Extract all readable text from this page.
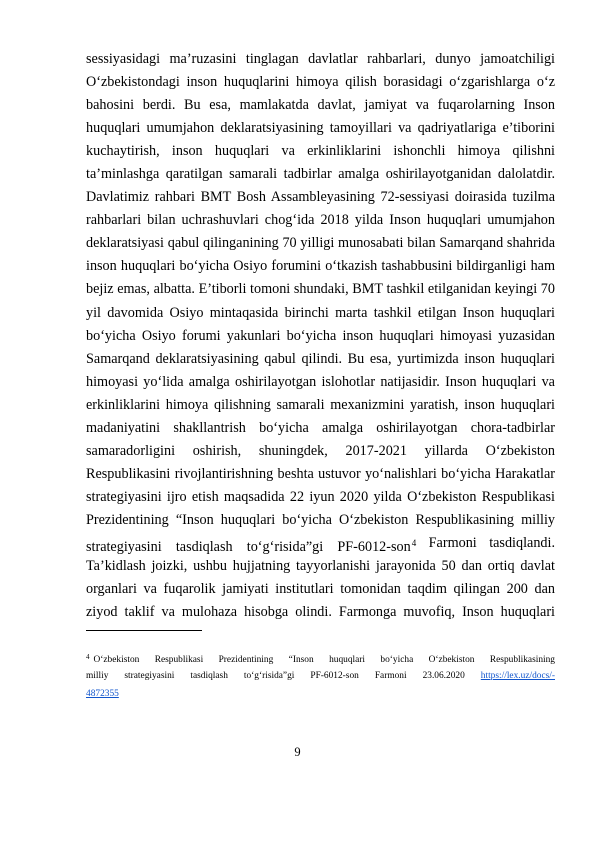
sessiyasidagi ma’ruzasini tinglagan davlatlar rahbarlari, dunyo jamoatchiligi
O‘zbekistondagi inson huquqlarini himoya qilish borasidagi o‘zgarishlarga o‘z
bahosini berdi. Bu esa, mamlakatda davlat, jamiyat va fuqarolarning Inson
huquqlari umumjahon deklaratsiyasining tamoyillari va qadriyatlariga e’tiborini
kuchaytirish, inson huquqlari va erkinliklarini ishonchli himoya qilishni
ta’minlashga qaratilgan samarali tadbirlar amalga oshirilayotganidan dalolatdir.
Davlatimiz rahbari BMT Bosh Assambleyasining 72-sessiyasi doirasida tuzilma
rahbarlari bilan uchrashuvlari chog‘ida 2018 yilda Inson huquqlari umumjahon
deklaratsiyasi qabul qilinganining 70 yilligi munosabati bilan Samarqand shahrida
inson huquqlari bo‘yicha Osiyo forumini o‘tkazish tashabbusini bildirganligi ham
bejiz emas, albatta. E’tiborli tomoni shundaki, BMT tashkil etilganidan keyingi 70
yil davomida Osiyo mintaqasida birinchi marta tashkil etilgan Inson huquqlari
bo‘yicha Osiyo forumi yakunlari bo‘yicha inson huquqlari himoyasi yuzasidan
Samarqand deklaratsiyasining qabul qilindi. Bu esa, yurtimizda inson huquqlari
himoyasi yo‘lida amalga oshirilayotgan islohotlar natijasidir. Inson huquqlari va
erkinliklarini himoya qilishning samarali mexanizmini yaratish, inson huquqlari
madaniyatini shakllantrish bo‘yicha amalga oshirilayotgan chora-tadbirlar
samaradorligini oshirish, shuningdek, 2017-2021 yillarda O‘zbekiston
Respublikasini rivojlantirishning beshta ustuvor yo‘nalishlari bo‘yicha Harakatlar
strategiyasini ijro etish maqsadida 22 iyun 2020 yilda O‘zbekiston Respublikasi
Prezidentining “Inson huquqlari bo‘yicha O‘zbekiston Respublikasining milliy
strategiyasini    tasdiqlash    to‘g‘risida”gi    PF-6012-son$^4$ Farmoni tasdiqlandi.
Ta’kidlash joizki, ushbu hujjatning tayyorlanishi jarayonida 50 dan ortiq davlat
organlari va fuqarolik jamiyati institutlari tomonidan taqdim qilingan 200 dan
ziyod taklif va mulohaza hisobga olindi. Farmonga muvofiq, Inson huquqlari
$^4$ O‘zbekiston Respublikasi Prezidentining “Inson huquqlari bo‘yicha O‘zbekiston Respublikasining
milliy strategiyasini tasdiqlash to‘g‘risida”gi PF-6012-son Farmoni 23.06.2020 https://lex.uz/docs/-
4872355
9
